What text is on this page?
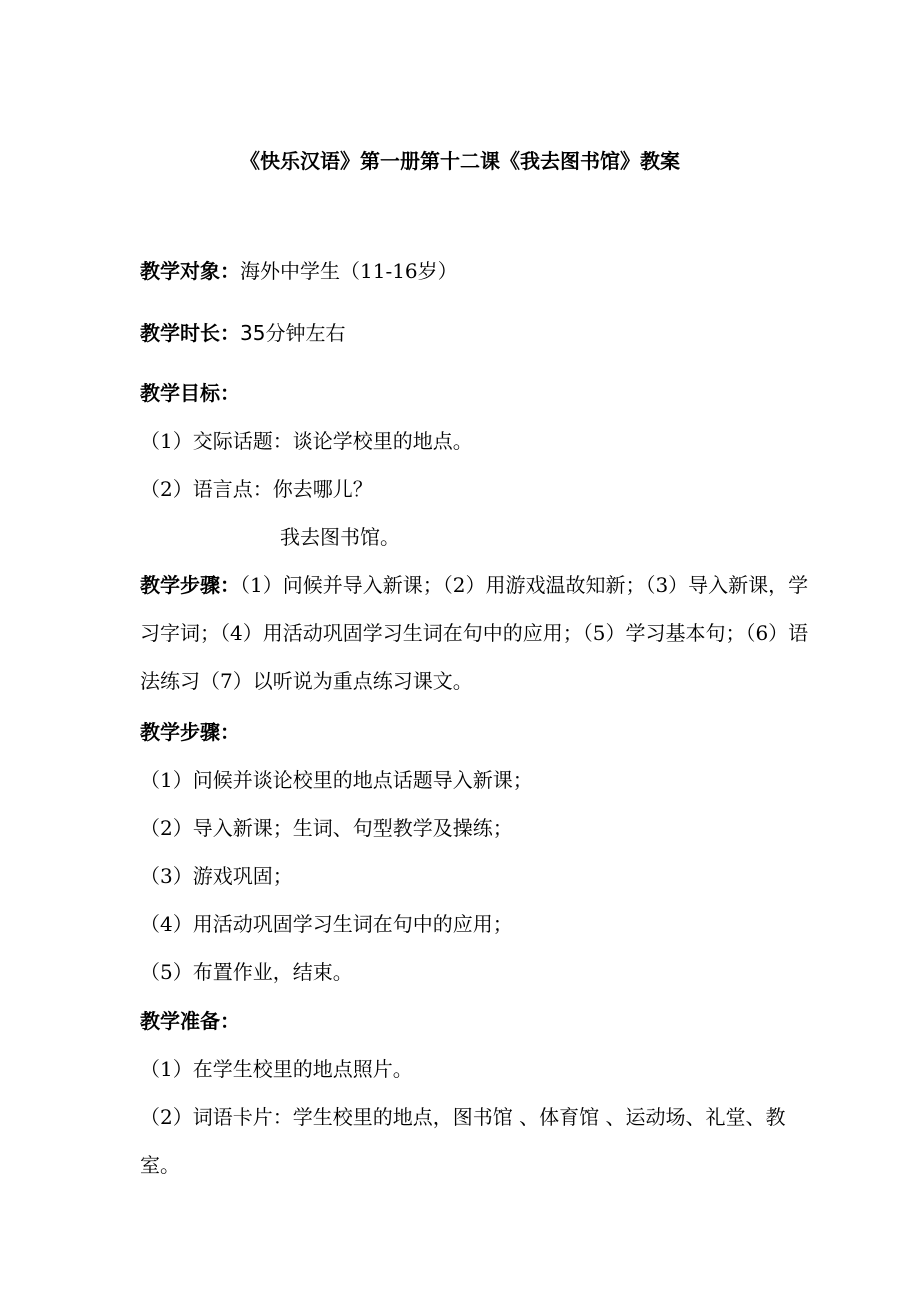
《快乐汉语》第一册第十二课《我去图书馆》教案
教学对象：海外中学生（11-16岁）
教学时长：35分钟左右
教学目标：
（1）交际话题：谈论学校里的地点。
（2）语言点：你去哪儿？
我去图书馆。
教学步骤：（1）问候并导入新课；（2）用游戏温故知新；（3）导入新课，学习字词；（4）用活动巩固学习生词在句中的应用；（5）学习基本句；（6）语法练习（7）以听说为重点练习课文。
教学步骤：
（1）问候并谈论校里的地点话题导入新课；
（2）导入新课；生词、句型教学及操练；
（3）游戏巩固；
（4）用活动巩固学习生词在句中的应用；
（5）布置作业，结束。
教学准备：
（1）在学生校里的地点照片。
（2）词语卡片：学生校里的地点，图书馆 、体育馆 、运动场、礼堂、教室。
